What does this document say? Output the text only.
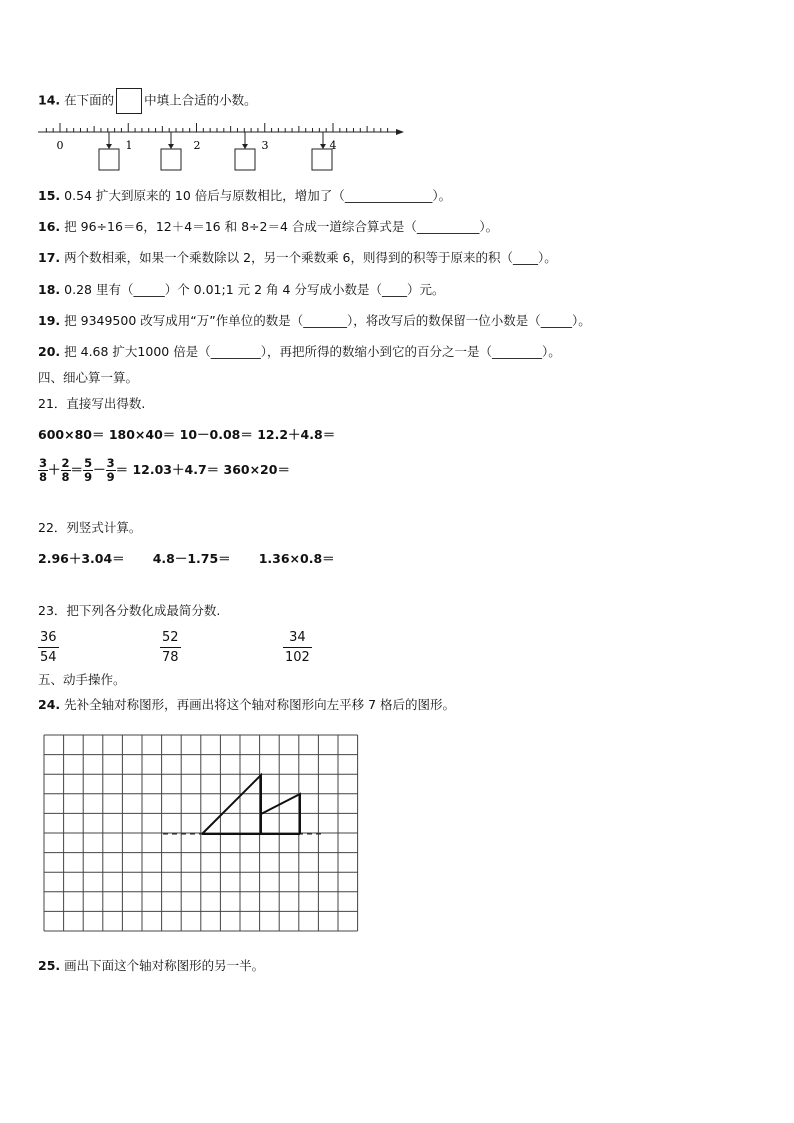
14. 在下面的 中填上合适的小数。
0	1	2	3	4
15. 0.54 扩大到原来的 10 倍后与原数相比，增加了（______________）。
16. 把 96÷16＝6，12＋4＝16 和 8÷2＝4 合成一道综合算式是（__________）。
17. 两个数相乘，如果一个乘数除以 2，另一个乘数乘 6，则得到的积等于原来的积（____）。
18. 0.28 里有（_____）个 0.01;1 元 2 角 4 分写成小数是（____）元。
19. 把 9349500 改写成用“万”作单位的数是（_______），将改写后的数保留一位小数是（_____）。
20. 把 4.68 扩大1000 倍是（________），再把所得的数缩小到它的百分之一是（________）。
四、细心算一算。
21．直接写出得数.
600×80＝ 180×40＝ 10－0.08＝ 12.2＋4.8＝
$\frac{3}{8} + \frac{2}{8} = \frac{5}{9} - \frac{3}{9} = 12.03+4.7= 360\times 20=$
22．列竖式计算。
2.96＋3.04＝ 4.8－1.75＝ 1.36×0.8＝
23．把下列各分数化成最简分数.
$\frac{36}{54}$	$\frac{52}{78}$	$\frac{34}{102}$
五、动手操作。
24. 先补全轴对称图形，再画出将这个轴对称图形向左平移 7 格后的图形。
25. 画出下面这个轴对称图形的另一半。
